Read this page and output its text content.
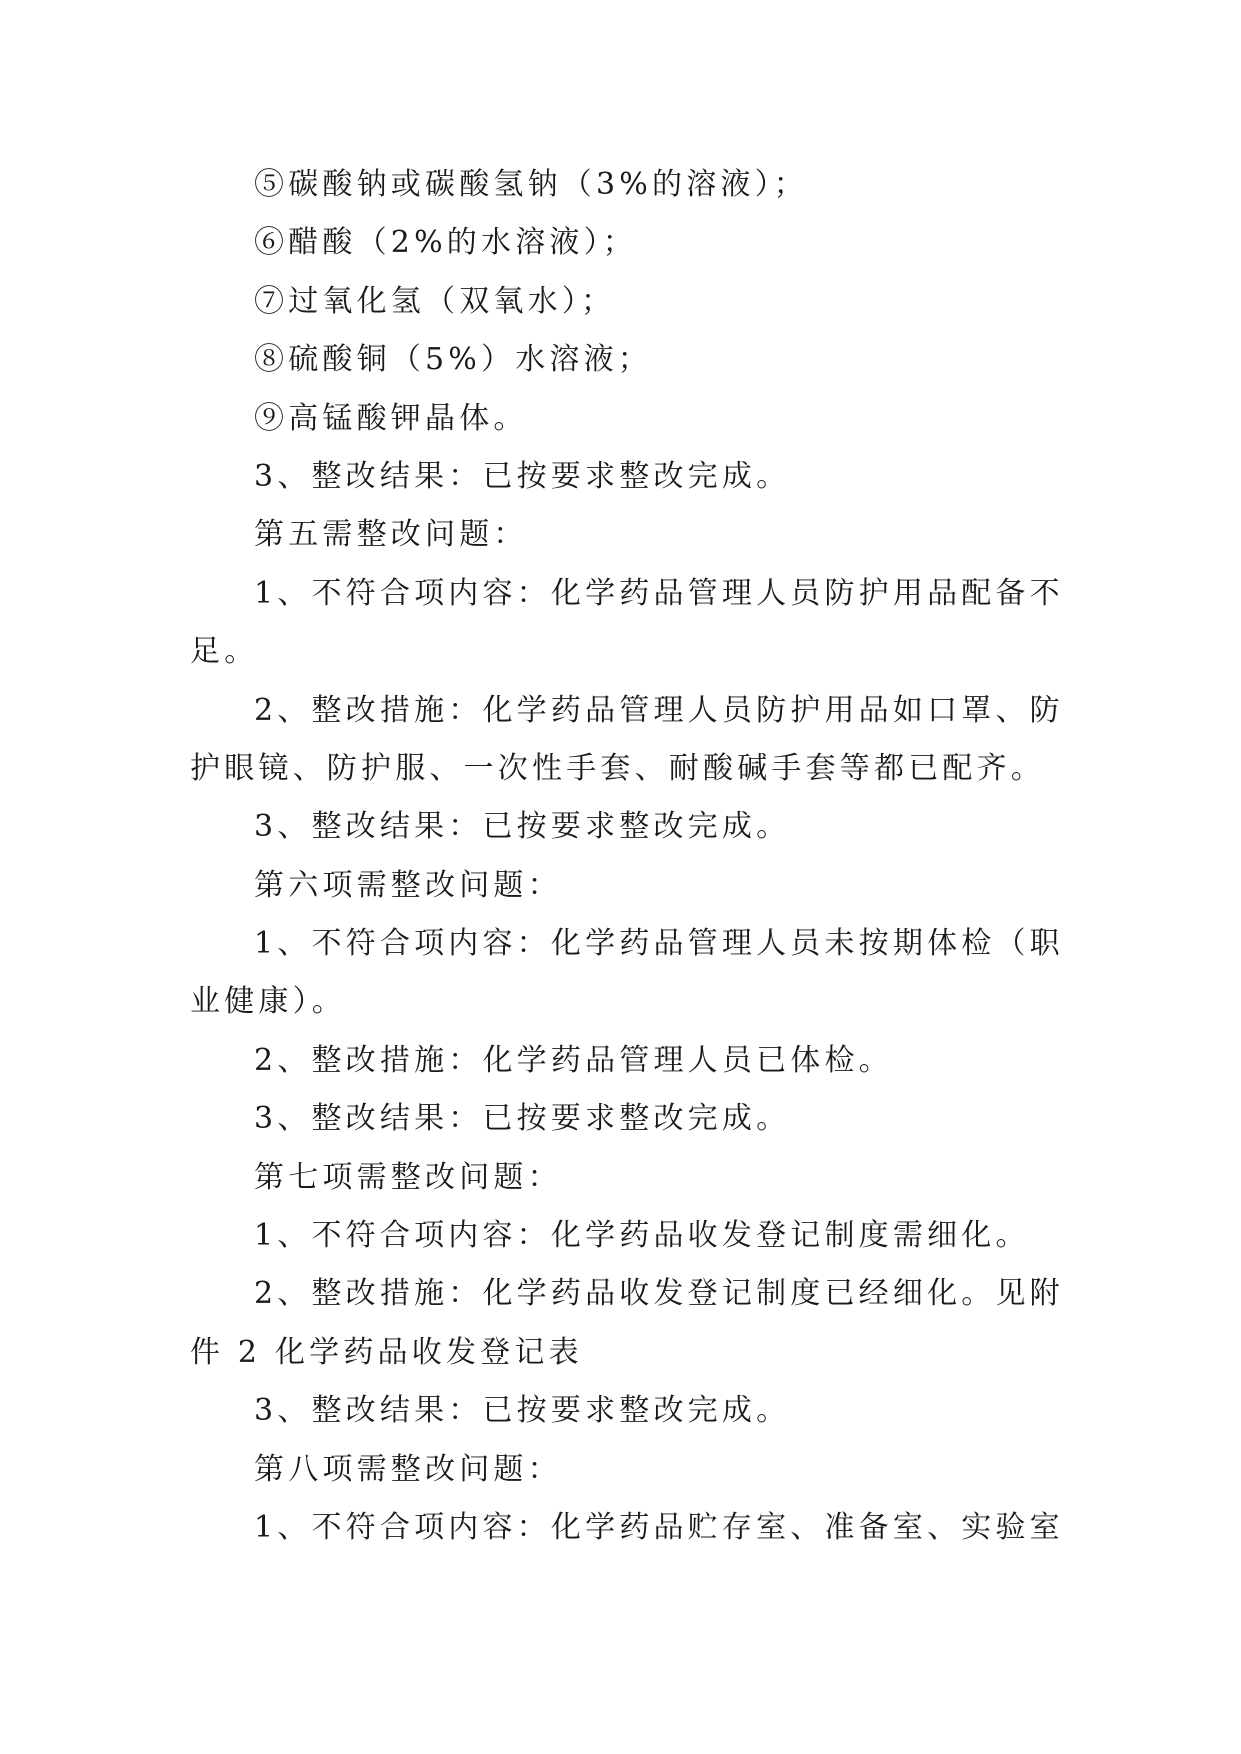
⑤碳酸钠或碳酸氢钠（3%的溶液）；
⑥醋酸（2%的水溶液）；
⑦过氧化氢（双氧水）；
⑧硫酸铜（5%）水溶液；
⑨高锰酸钾晶体。
3、整改结果：已按要求整改完成。
第五需整改问题：
1、不符合项内容：化学药品管理人员防护用品配备不
足。
2、整改措施：化学药品管理人员防护用品如口罩、防
护眼镜、防护服、一次性手套、耐酸碱手套等都已配齐。
3、整改结果：已按要求整改完成。
第六项需整改问题：
1、不符合项内容：化学药品管理人员未按期体检（职
业健康）。
2、整改措施：化学药品管理人员已体检。
3、整改结果：已按要求整改完成。
第七项需整改问题：
1、不符合项内容：化学药品收发登记制度需细化。
2、整改措施：化学药品收发登记制度已经细化。见附
件 2 化学药品收发登记表
3、整改结果：已按要求整改完成。
第八项需整改问题：
1、不符合项内容：化学药品贮存室、准备室、实验室
